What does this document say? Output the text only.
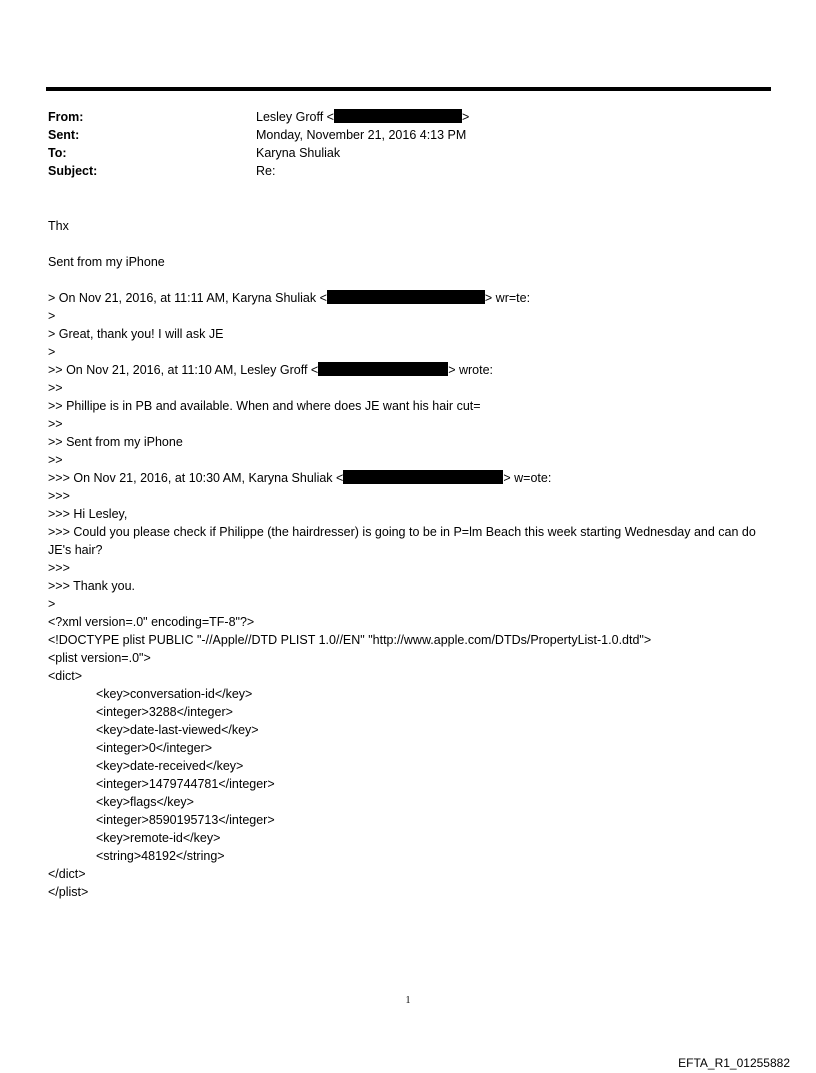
From:	Lesley Groff <	>
Sent:	Monday, November 21, 2016 4:13 PM
To:	Karyna Shuliak
Subject:	Re:
Thx
Sent from my iPhone
> On Nov 21, 2016, at 11:11 AM, Karyna Shuliak <	> wr=te:
>
> Great, thank you! I will ask JE
>
>> On Nov 21, 2016, at 11:10 AM, Lesley Groff <	> wrote:
>>
>> Phillipe is in PB and available. When and where does JE want his hair cut=
>>
>> Sent from my iPhone
>>
>>> On Nov 21, 2016, at 10:30 AM, Karyna Shuliak <	> w=ote:
>>>
>>> Hi Lesley,
>>> Could you please check if Philippe (the hairdresser) is going to be in P=lm Beach this week starting Wednesday and can do JE's hair?
>>>
>>> Thank you.
>
<?xml version=.0" encoding=TF-8"?>
<!DOCTYPE plist PUBLIC "-//Apple//DTD PLIST 1.0//EN" "http://www.apple.com/DTDs/PropertyList-1.0.dtd">
<plist version=.0">
<dict>
<key>conversation-id</key>
<integer>3288</integer>
<key>date-last-viewed</key>
<integer>0</integer>
<key>date-received</key>
<integer>1479744781</integer>
<key>flags</key>
<integer>8590195713</integer>
<key>remote-id</key>
<string>48192</string>
</dict>
</plist>
1
EFTA_R1_01255882
